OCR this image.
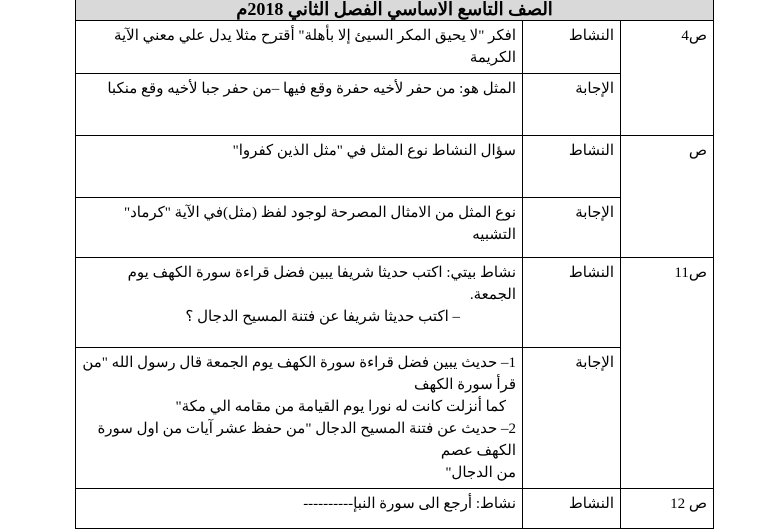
الصف التاسع الاساسي الفصل الثاني 2018م
ص4	النشاط	افكر "لا يحيق المكر السيئ إلا بأهلة" أقترح مثلا يدل علي معني الآية الكريمة

	الإجابة	المثل هو: من حفر لأخيه حفرة وقع فيها –من حفر جبا لأخيه وقع منكبا

ص	النشاط	سؤال النشاط نوع المثل في "مثل الذين كفروا"

	الإجابة	نوع المثل من الامثال المصرحة لوجود لفظ (مثل)في الآية "كرماد" التشبيه

ص11	النشاط	نشاط بيتي: اكتب حديثا شريفا يبين فضل قراءة سورة الكهف يوم الجمعة.
– اكتب حديثا شريفا عن فتنة المسيح الدجال ؟

	الإجابة	1– حديث يبين فضل قراءة سورة الكهف يوم الجمعة قال رسول الله "من قرأ سورة الكهف
كما أنزلت كانت له نورا يوم القيامة من مقامه الي مكة"
2– حديث عن فتنة المسيح الدجال "من حفظ عشر آيات من اول سورة الكهف عصم
من الدجال"

ص 12	النشاط	نشاط: أرجع الى سورة النبإ----------
